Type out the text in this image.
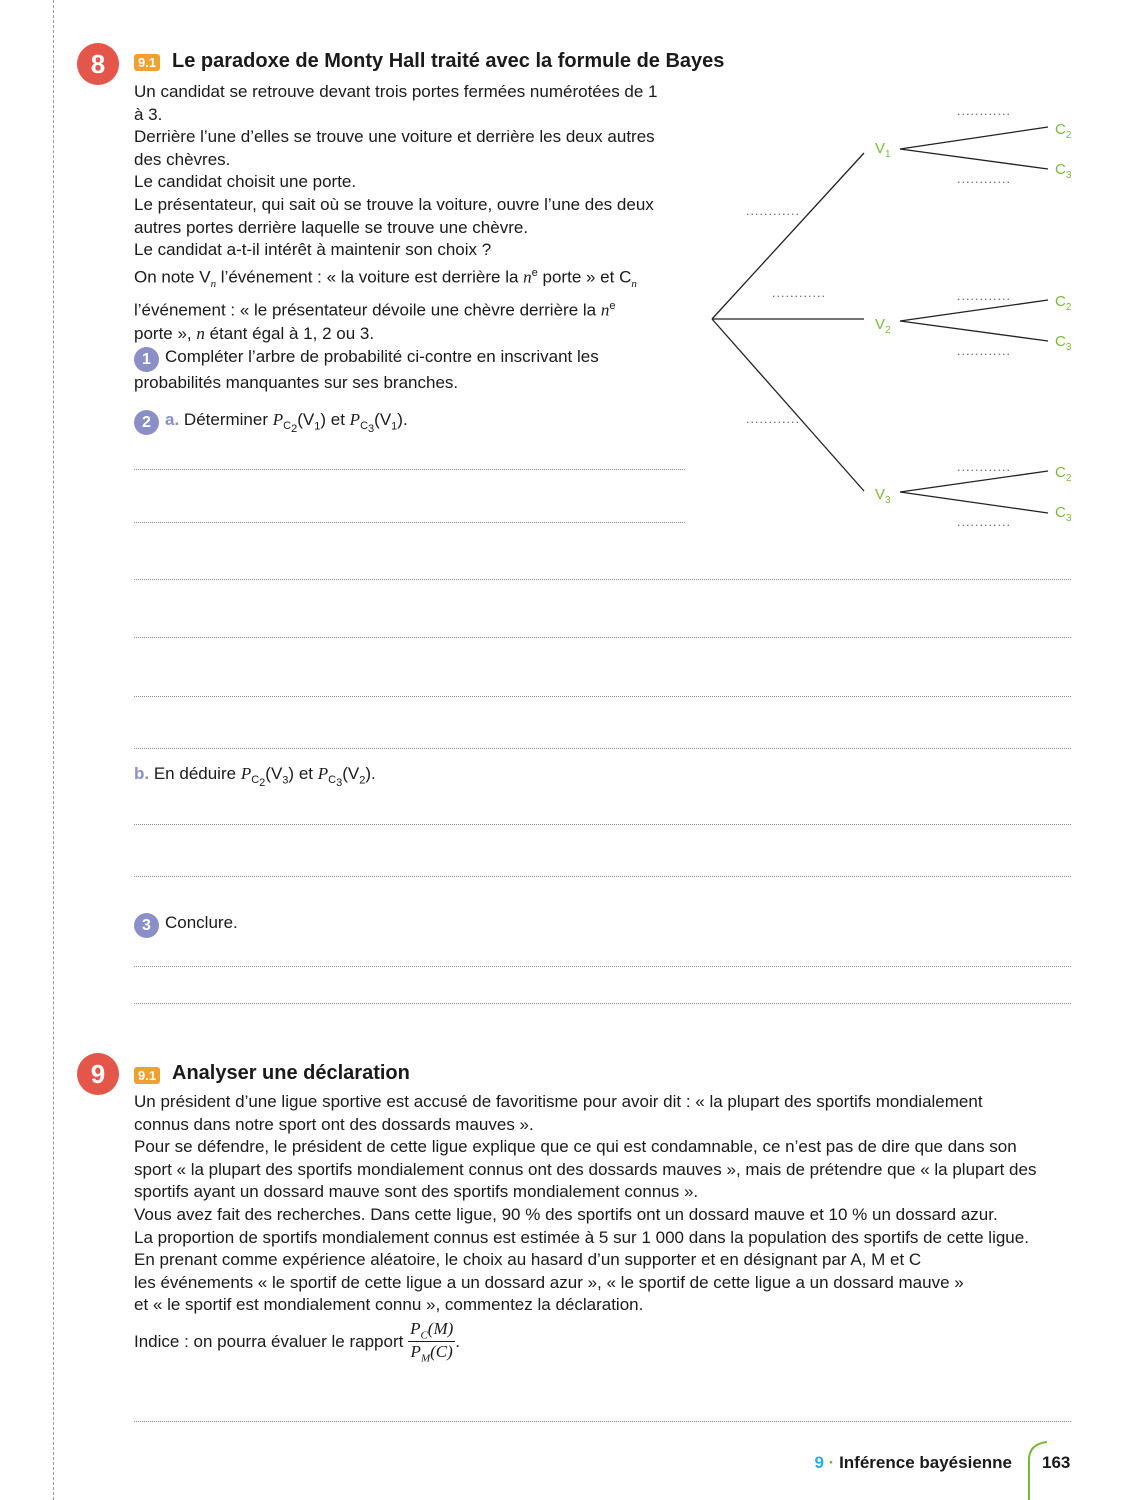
8	9.1 Le paradoxe de Monty Hall traité avec la formule de Bayes

Un candidat se retrouve devant trois portes fermées numérotées de 1

à 3.

Derrière l’une d’elles se trouve une voiture et derrière les deux autres

des chèvres.

Le candidat choisit une porte.

Le présentateur, qui sait où se trouve la voiture, ouvre l’une des deux

autres portes derrière laquelle se trouve une chèvre.

Le candidat a-t-il intérêt à maintenir son choix ?

On note $V_n$ l’événement : « la voiture est derrière la $n^e$ porte » et $C_n$

l’événement : « le présentateur dévoile une chèvre derrière la $n^e$

porte », n étant égal à 1, 2 ou 3.

1 Compléter l’arbre de probabilité ci-contre en inscrivant les

probabilités manquantes sur ses branches.

2 a. Déterminer $P_{C_2}(V_1)$ et $P_{C_3}(V_1)$.

b. En déduire $P_{C_2}(V_3)$ et $P_{C_3}(V_2)$.

3 Conclure.

$V_1$
$V_2$
$V_3$
$C_2$
$C_3$
$C_2$
$C_3$
$C_2$
$C_3$
............
............
............
............
............
............
............
............
............
9	9.1 Analyser une déclaration

Un président d’une ligue sportive est accusé de favoritisme pour avoir dit : « la plupart des sportifs mondialement

connus dans notre sport ont des dossards mauves ».

Pour se défendre, le président de cette ligue explique que ce qui est condamnable, ce n’est pas de dire que dans son

sport « la plupart des sportifs mondialement connus ont des dossards mauves », mais de prétendre que « la plupart des

sportifs ayant un dossard mauve sont des sportifs mondialement connus ».

Vous avez fait des recherches. Dans cette ligue, 90 % des sportifs ont un dossard mauve et 10 % un dossard azur.

La proportion de sportifs mondialement connus est estimée à 5 sur 1 000 dans la population des sportifs de cette ligue.

En prenant comme expérience aléatoire, le choix au hasard d’un supporter et en désignant par A, M et C

les événements « le sportif de cette ligue a un dossard azur », « le sportif de cette ligue a un dossard mauve »

et « le sportif est mondialement connu », commentez la déclaration.

Indice : on pourra évaluer le rapport $\frac{P_C(M)}{P_M(C)}$ .
9 · Inférence bayésienne 163
